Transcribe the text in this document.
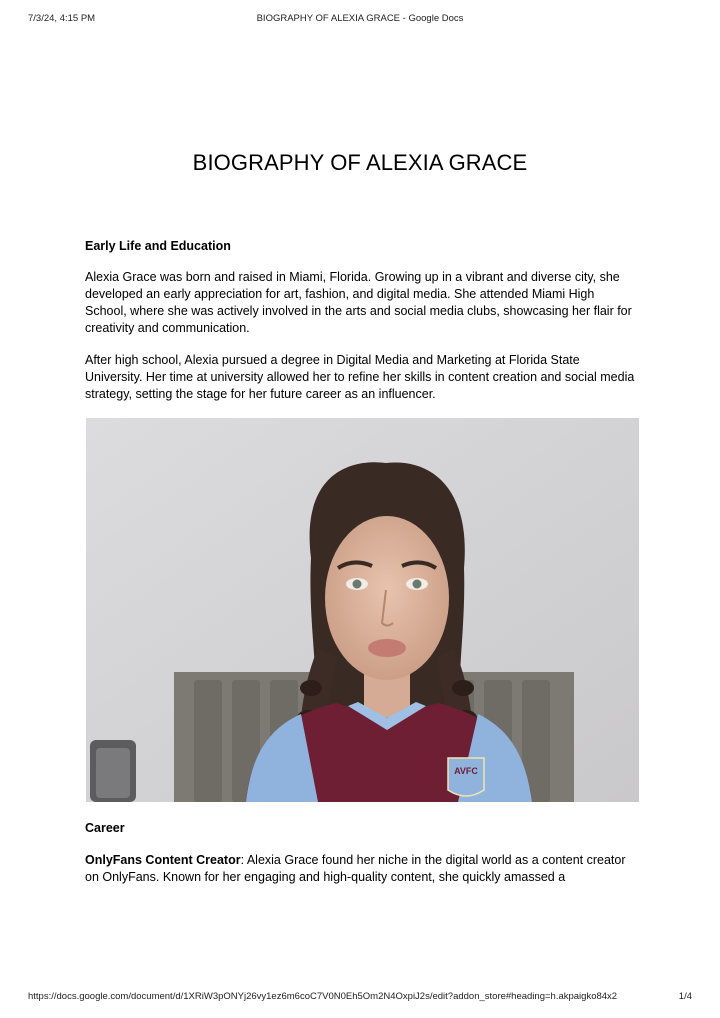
7/3/24, 4:15 PM	BIOGRAPHY OF ALEXIA GRACE - Google Docs
BIOGRAPHY OF ALEXIA GRACE
Early Life and Education

Alexia Grace was born and raised in Miami, Florida. Growing up in a vibrant and diverse city, she developed an early appreciation for art, fashion, and digital media. She attended Miami High School, where she was actively involved in the arts and social media clubs, showcasing her flair for creativity and communication.

After high school, Alexia pursued a degree in Digital Media and Marketing at Florida State University. Her time at university allowed her to refine her skills in content creation and social media strategy, setting the stage for her future career as an influencer.

AVFC
Career

OnlyFans Content Creator: Alexia Grace found her niche in the digital world as a content creator on OnlyFans. Known for her engaging and high-quality content, she quickly amassed a

https://docs.google.com/document/d/1XRiW3pONYj26vy1ez6m6coC7V0N0Eh5Om2N4OxpiJ2s/edit?addon_store#heading=h.akpaigko84x2	1/4
